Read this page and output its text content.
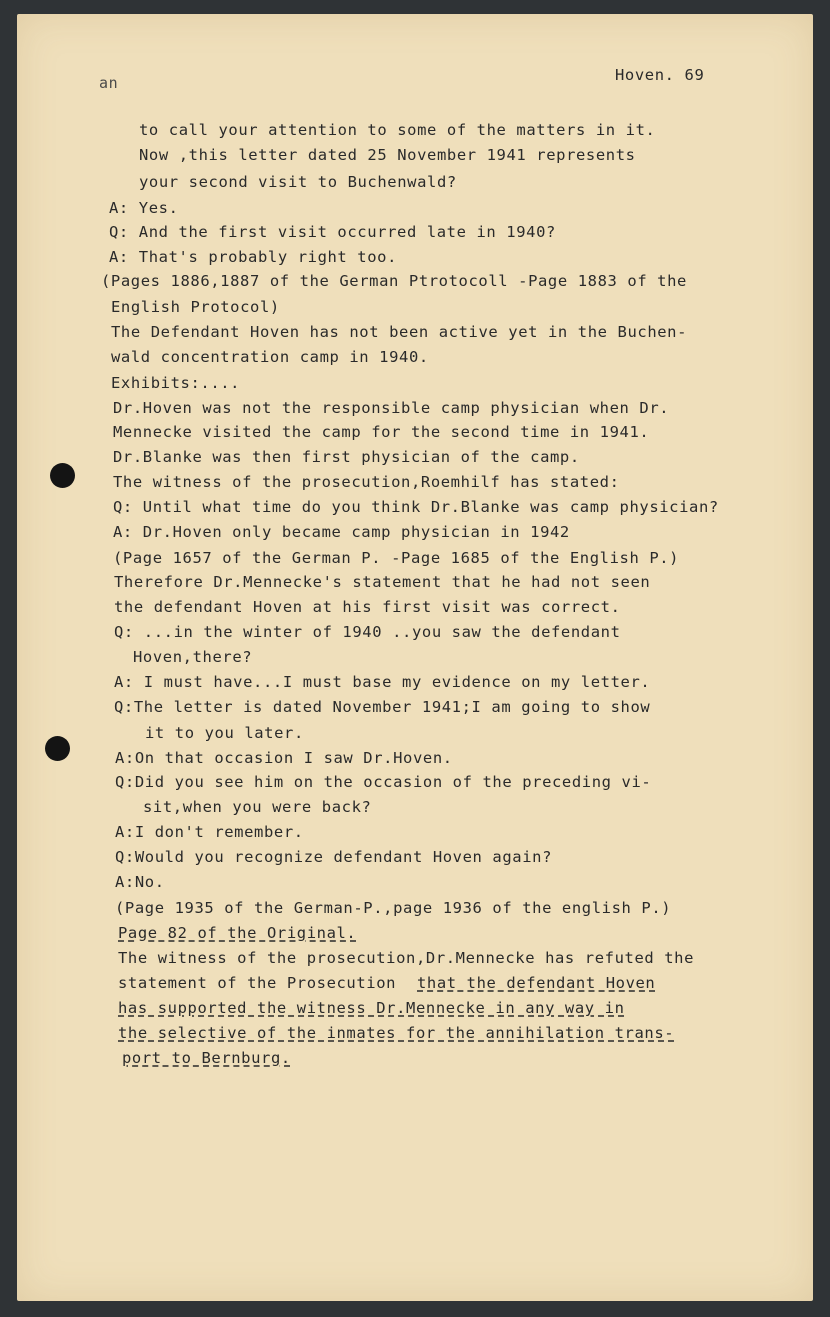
an	Hoven. 69
to call your attention to some of the matters in it.
Now ,this letter dated 25 November 1941 represents
your second visit to Buchenwald?
A: Yes.
Q: And the first visit occurred late in 1940?
A: That's probably right too.
(Pages 1886,1887 of the German Ptrotocoll -Page 1883 of the
English Protocol)
The Defendant Hoven has not been active yet in the Buchen-
wald concentration camp in 1940.
Exhibits:....
Dr.Hoven was not the responsible camp physician when Dr.
Mennecke visited the camp for the second time in 1941.
Dr.Blanke was then first physician of the camp.
The witness of the prosecution,Roemhilf has stated:
Q: Until what time do you think Dr.Blanke was camp physician?
A: Dr.Hoven only became camp physician in 1942
(Page 1657 of the German P. -Page 1685 of the English P.)
Therefore Dr.Mennecke's statement that he had not seen
the defendant Hoven at his first visit was correct.
Q: ...in the winter of 1940 ..you saw the defendant
Hoven,there?
A: I must have...I must base my evidence on my letter.
Q:The letter is dated November 1941;I am going to show
it to you later.
A:On that occasion I saw Dr.Hoven.
Q:Did you see him on the occasion of the preceding vi-
sit,when you were back?
A:I don't remember.
Q:Would you recognize defendant Hoven again?
A:No.
(Page 1935 of the German-P.,page 1936 of the english P.)
Page 82 of the Original.
The witness of the prosecution,Dr.Mennecke has refuted the
statement of the Prosecution that the defendant Hoven
has supported the witness Dr.Mennecke in any way in
the selective of the inmates for the annihilation trans-
port to Bernburg.
